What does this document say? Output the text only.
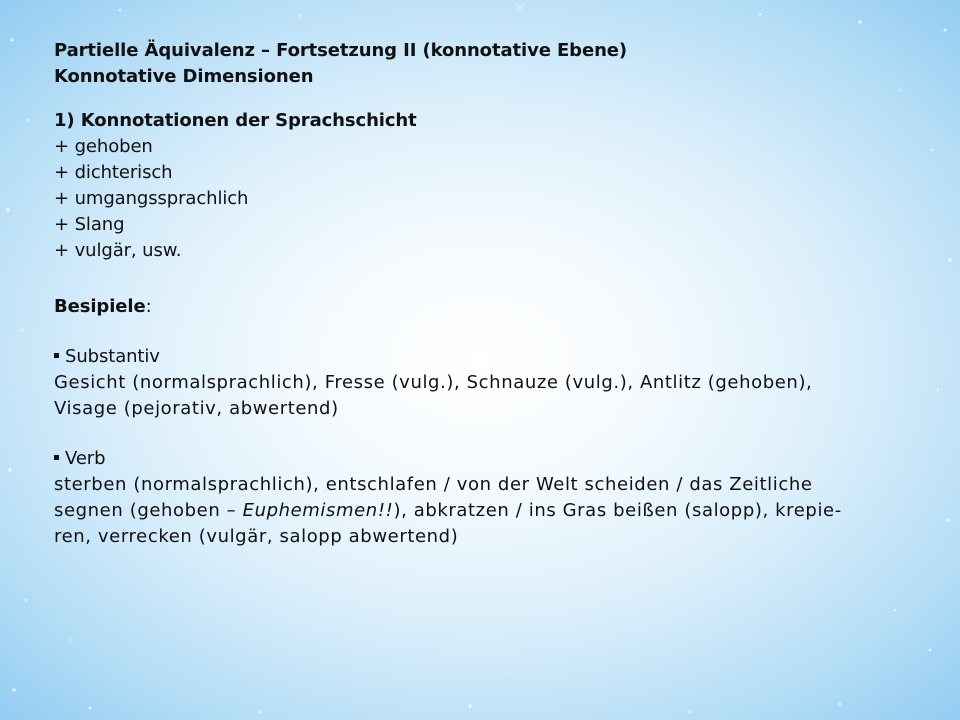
Partielle Äquivalenz – Fortsetzung II (konnotative Ebene)
Konnotative Dimensionen
1) Konnotationen der Sprachschicht
+ gehoben
+ dichterisch
+ umgangssprachlich
+ Slang
+ vulgär, usw.
Besipiele:
Substantiv
Gesicht (normalsprachlich), Fresse (vulg.), Schnauze (vulg.), Antlitz (gehoben),
Visage (pejorativ, abwertend)
Verb
sterben (normalsprachlich), entschlafen / von der Welt scheiden / das Zeitliche
segnen (gehoben – Euphemismen!!), abkratzen / ins Gras beißen (salopp), krepie-
ren, verrecken (vulgär, salopp abwertend)
